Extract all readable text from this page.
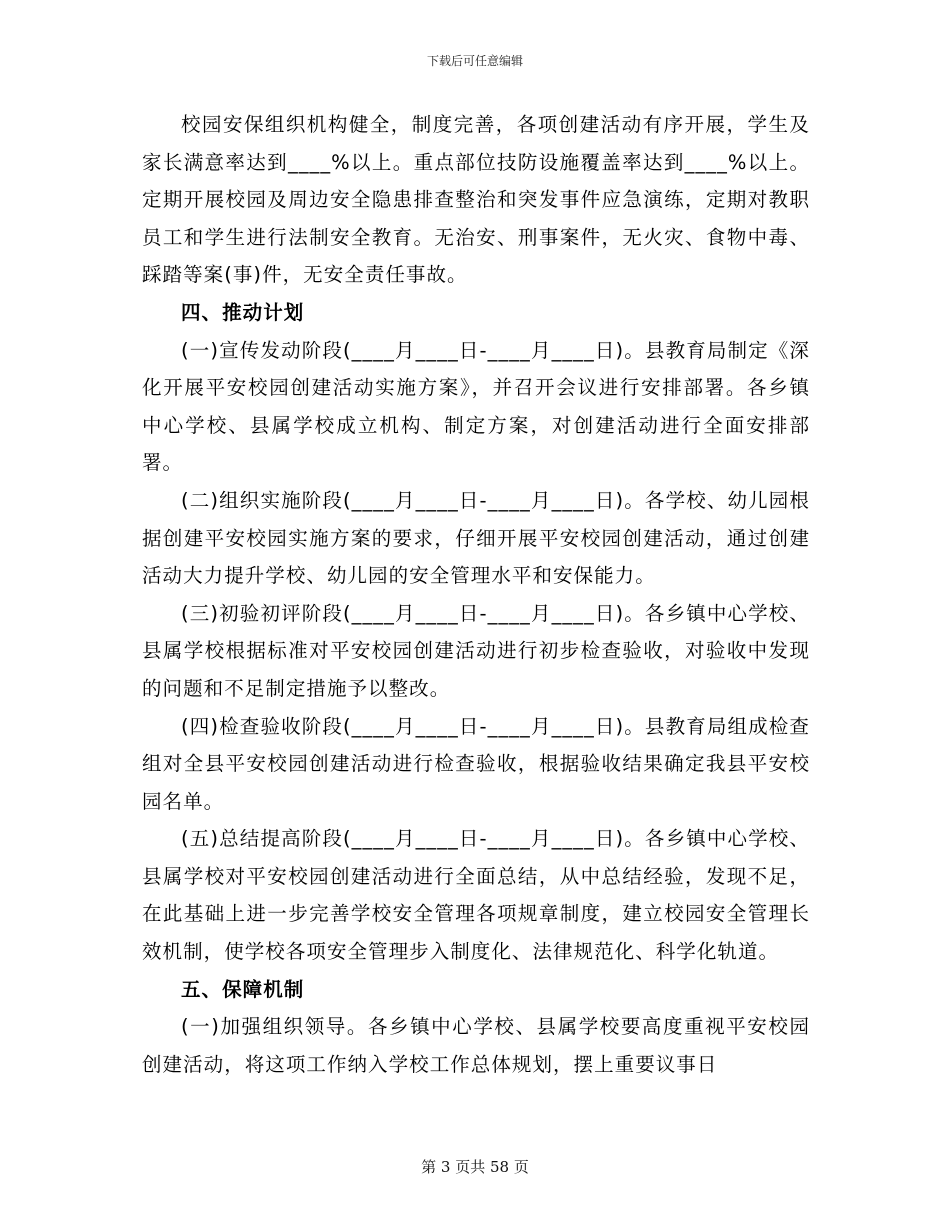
下载后可任意编辑

校园安保组织机构健全，制度完善，各项创建活动有序开展，学生及家长满意率达到____%以上。重点部位技防设施覆盖率达到____%以上。定期开展校园及周边安全隐患排查整治和突发事件应急演练，定期对教职员工和学生进行法制安全教育。无治安、刑事案件，无火灾、食物中毒、踩踏等案(事)件，无安全责任事故。

四、推动计划

(一)宣传发动阶段(____月____日-____月____日)。县教育局制定《深化开展平安校园创建活动实施方案》，并召开会议进行安排部署。各乡镇中心学校、县属学校成立机构、制定方案，对创建活动进行全面安排部署。

(二)组织实施阶段(____月____日-____月____日)。各学校、幼儿园根据创建平安校园实施方案的要求，仔细开展平安校园创建活动，通过创建活动大力提升学校、幼儿园的安全管理水平和安保能力。

(三)初验初评阶段(____月____日-____月____日)。各乡镇中心学校、县属学校根据标准对平安校园创建活动进行初步检查验收，对验收中发现的问题和不足制定措施予以整改。

(四)检查验收阶段(____月____日-____月____日)。县教育局组成检查组对全县平安校园创建活动进行检查验收，根据验收结果确定我县平安校园名单。

(五)总结提高阶段(____月____日-____月____日)。各乡镇中心学校、县属学校对平安校园创建活动进行全面总结，从中总结经验，发现不足，在此基础上进一步完善学校安全管理各项规章制度，建立校园安全管理长效机制，使学校各项安全管理步入制度化、法律规范化、科学化轨道。

五、保障机制

(一)加强组织领导。各乡镇中心学校、县属学校要高度重视平安校园创建活动，将这项工作纳入学校工作总体规划，摆上重要议事日

第 3 页共 58 页
